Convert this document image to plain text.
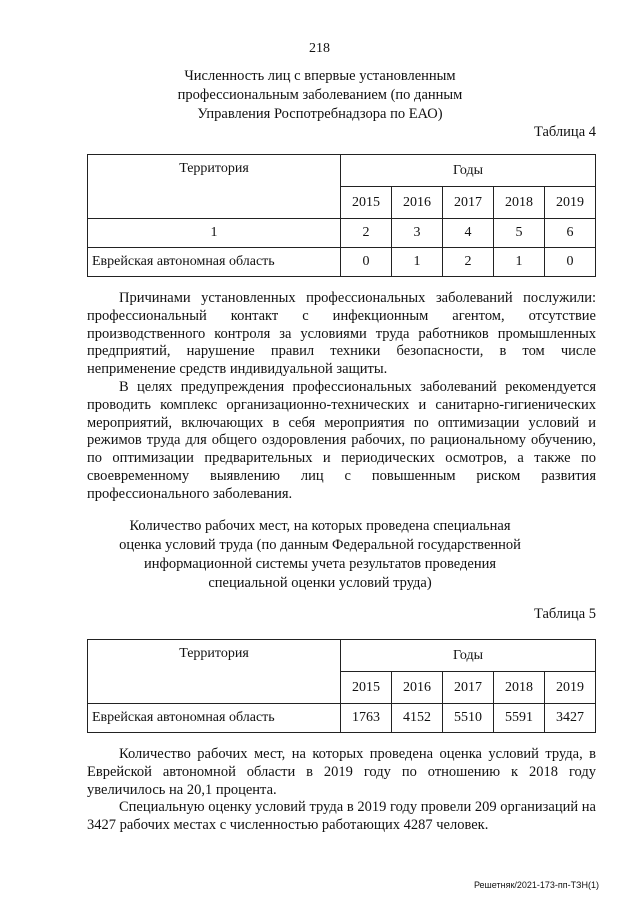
218
Численность лиц с впервые установленным
профессиональным заболеванием (по данным
Управления Роспотребнадзора по ЕАО)
Таблица 4
Территория	Годы				
	2015	2016	2017	2018	2019
1	2	3	4	5	6
Еврейская автономная область	0	1	2	1	0

Причинами установленных профессиональных заболеваний послужили: профессиональный контакт с инфекционным агентом, отсутствие производственного контроля за условиями труда работников промышленных предприятий, нарушение правил техники безопасности, в том числе неприменение средств индивидуальной защиты.

В целях предупреждения профессиональных заболеваний рекомендуется проводить комплекс организационно-технических и санитарно-гигиенических мероприятий, включающих в себя мероприятия по оптимизации условий и режимов труда для общего оздоровления рабочих, по рациональному обучению, по оптимизации предварительных и периодических осмотров, а также по своевременному выявлению лиц с повышенным риском развития профессионального заболевания.

Количество рабочих мест, на которых проведена специальная
оценка условий труда (по данным Федеральной государственной
информационной системы учета результатов проведения
специальной оценки условий труда)
Таблица 5
Территория	Годы				
	2015	2016	2017	2018	2019
Еврейская автономная область	1763	4152	5510	5591	3427

Количество рабочих мест, на которых проведена оценка условий труда, в Еврейской автономной области в 2019 году по отношению к 2018 году увеличилось на 20,1 процента.

Специальную оценку условий труда в 2019 году провели 209 организаций на 3427 рабочих местах с численностью работающих 4287 человек.

Решетняк/2021-173-пп-ТЗН(1)
